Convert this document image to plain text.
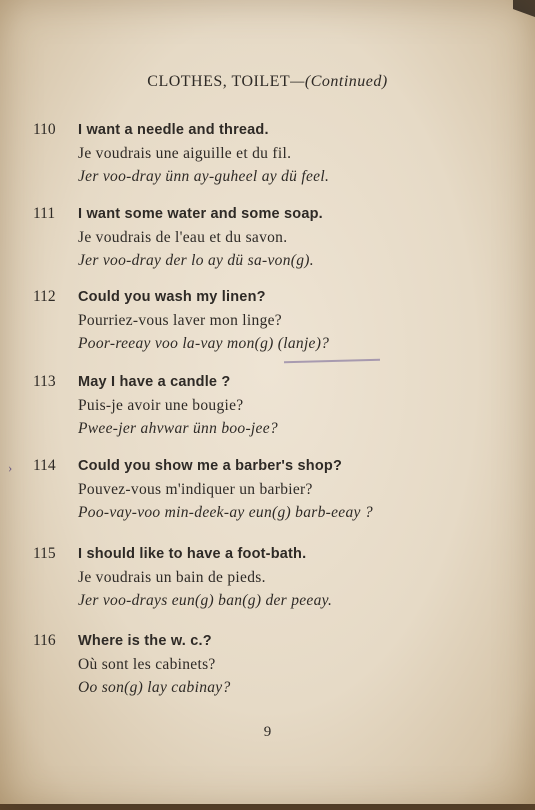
CLOTHES, TOILET—(Continued)
110	I want a needle and thread.
Je voudrais une aiguille et du fil.
Jer voo-dray ünn ay-guheel ay dü feel.
111	I want some water and some soap.
Je voudrais de l'eau et du savon.
Jer voo-dray der lo ay dü sa-von(g).
112	Could you wash my linen?
Pourriez-vous laver mon linge?
Poor-reeay voo la-vay mon(g) (lanje)?
113	May I have a candle ?
Puis-je avoir une bougie?
Pwee-jer ahvwar ünn boo-jee?
› 114	Could you show me a barber's shop?
Pouvez-vous m'indiquer un barbier?
Poo-vay-voo min-deek-ay eun(g) barb-eeay ?
115	I should like to have a foot-bath.
Je voudrais un bain de pieds.
Jer voo-drays eun(g) ban(g) der peeay.
116	Where is the w. c.?
Où sont les cabinets?
Oo son(g) lay cabinay?
9
